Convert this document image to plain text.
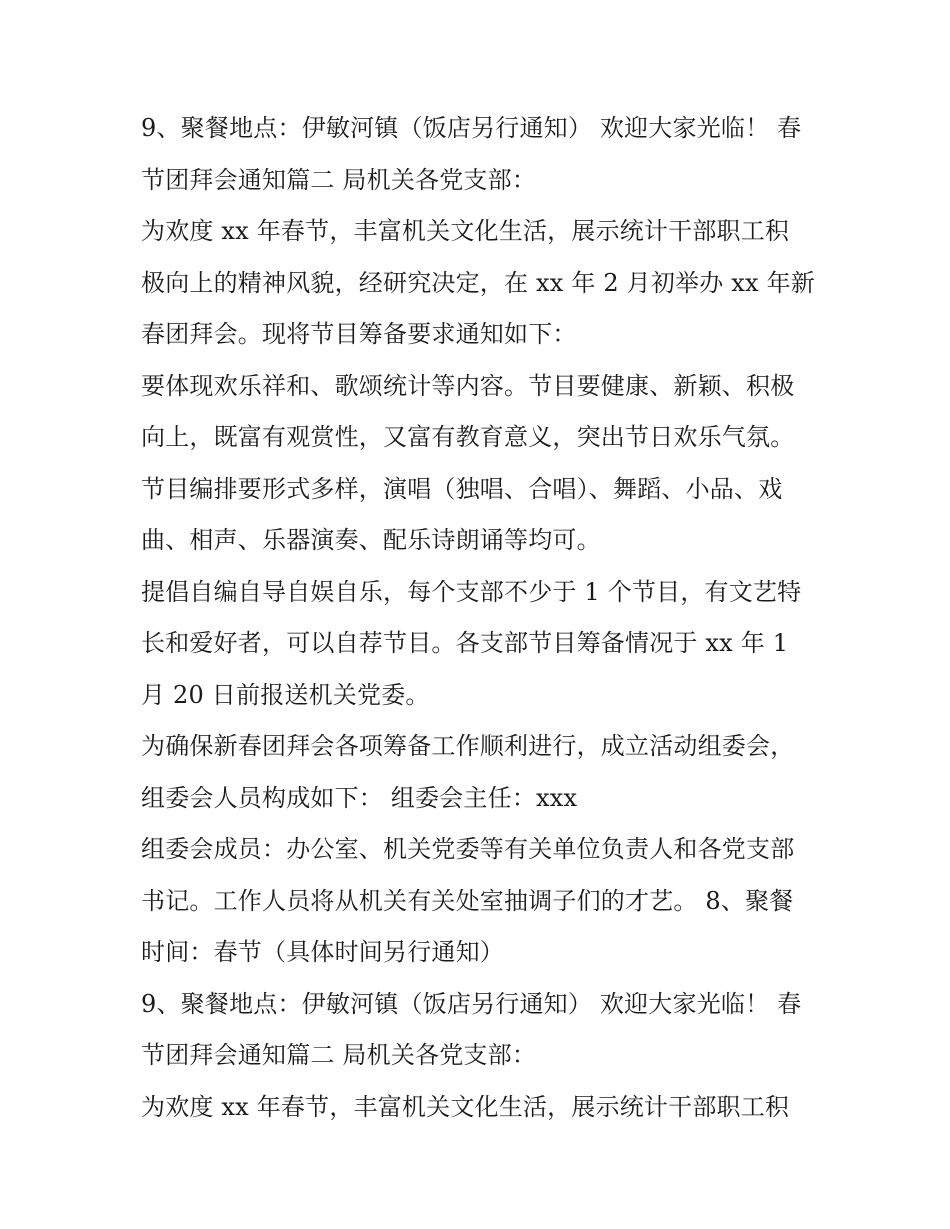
9、聚餐地点：伊敏河镇（饭店另行通知） 欢迎大家光临！ 春
节团拜会通知篇二 局机关各党支部：
为欢度 xx 年春节，丰富机关文化生活，展示统计干部职工积
极向上的精神风貌，经研究决定，在 xx 年 2 月初举办 xx 年新
春团拜会。现将节目筹备要求通知如下：
要体现欢乐祥和、歌颂统计等内容。节目要健康、新颖、积极
向上，既富有观赏性，又富有教育意义，突出节日欢乐气氛。
节目编排要形式多样，演唱（独唱、合唱）、舞蹈、小品、戏
曲、相声、乐器演奏、配乐诗朗诵等均可。
提倡自编自导自娱自乐，每个支部不少于 1 个节目，有文艺特
长和爱好者，可以自荐节目。各支部节目筹备情况于 xx 年 1
月 20 日前报送机关党委。
为确保新春团拜会各项筹备工作顺利进行，成立活动组委会，
组委会人员构成如下： 组委会主任：xxx
组委会成员：办公室、机关党委等有关单位负责人和各党支部
书记。工作人员将从机关有关处室抽调子们的才艺。 8、聚餐
时间：春节（具体时间另行通知）
9、聚餐地点：伊敏河镇（饭店另行通知） 欢迎大家光临！ 春
节团拜会通知篇二 局机关各党支部：
为欢度 xx 年春节，丰富机关文化生活，展示统计干部职工积
